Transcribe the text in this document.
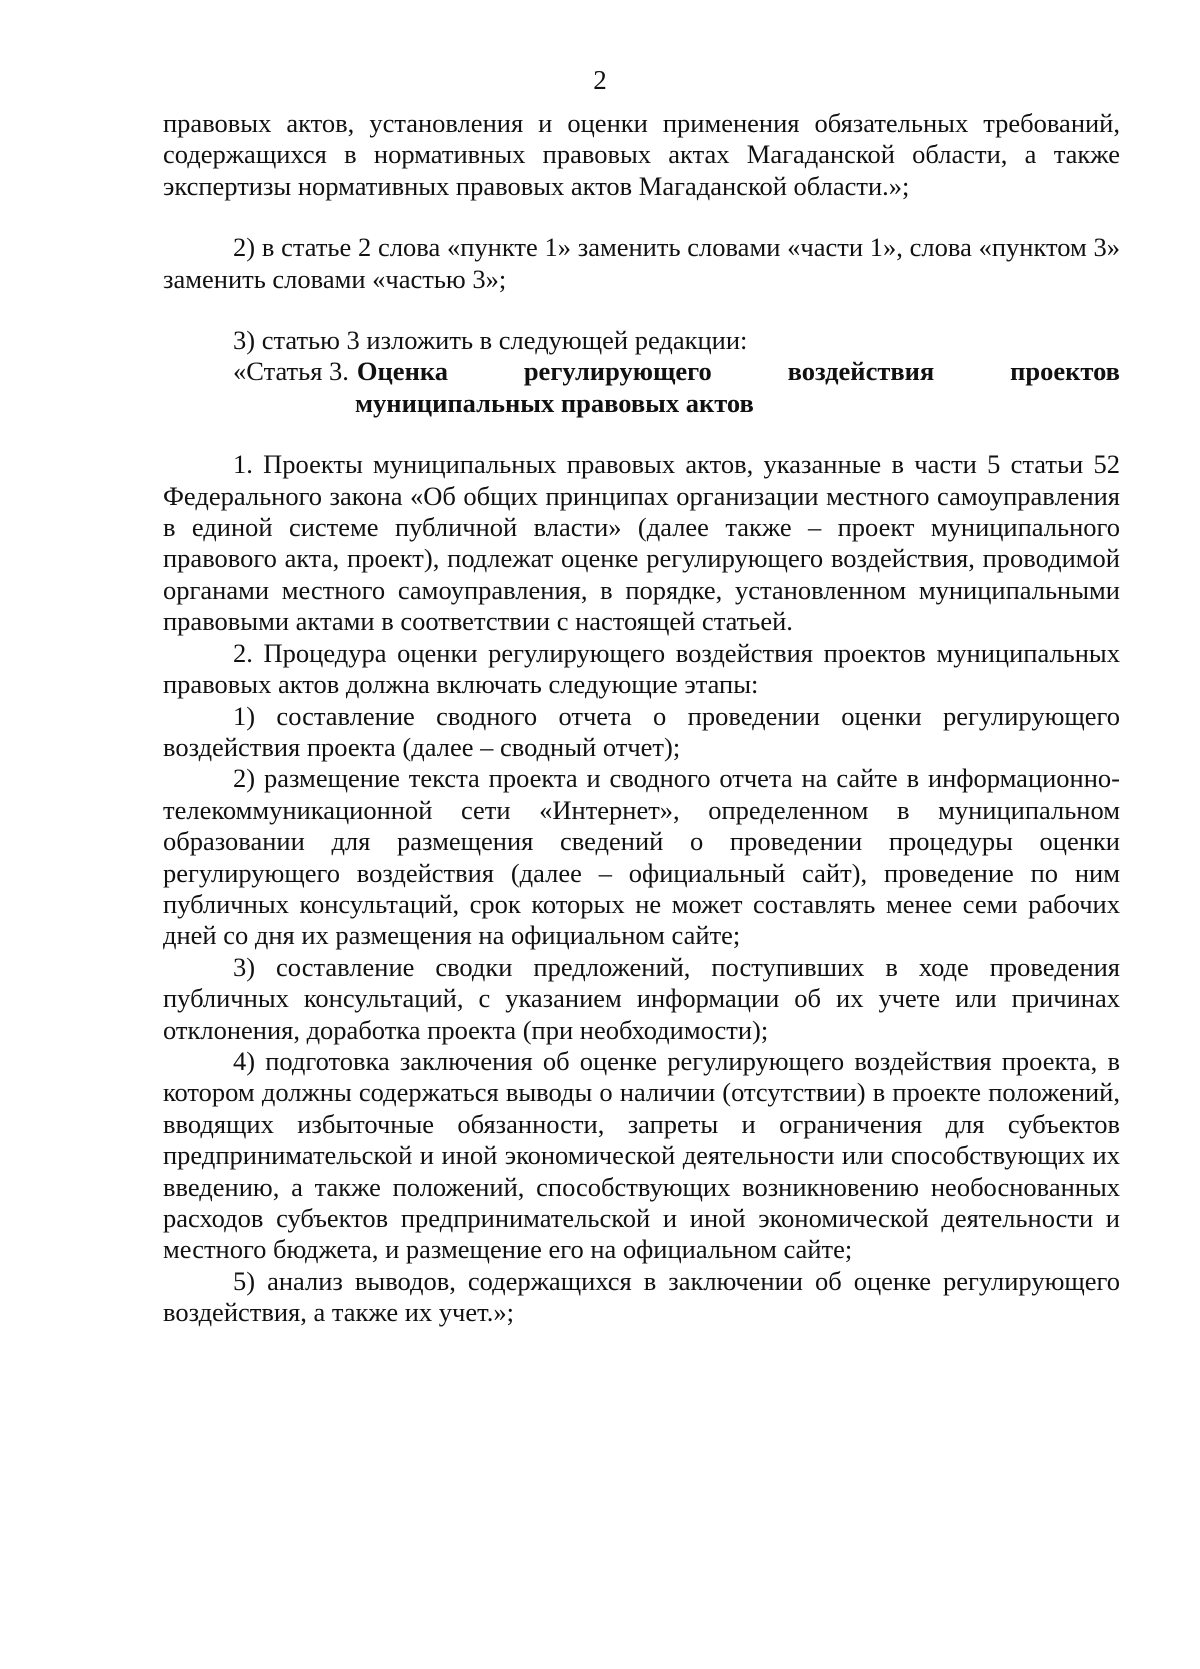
2

правовых актов, установления и оценки применения обязательных требований, содержащихся в нормативных правовых актах Магаданской области, а также экспертизы нормативных правовых актов Магаданской области.»;

2) в статье 2 слова «пункте 1» заменить словами «части 1», слова «пунктом 3» заменить словами «частью 3»;

3) статью 3 изложить в следующей редакции:

«Статья 3. Оценка регулирующего воздействия проектов
муниципальных правовых актов

1. Проекты муниципальных правовых актов, указанные в части 5 статьи 52 Федерального закона «Об общих принципах организации местного самоуправления в единой системе публичной власти» (далее также – проект муниципального правового акта, проект), подлежат оценке регулирующего воздействия, проводимой органами местного самоуправления, в порядке, установленном муниципальными правовыми актами в соответствии с настоящей статьей.

2. Процедура оценки регулирующего воздействия проектов муниципальных правовых актов должна включать следующие этапы:

1) составление сводного отчета о проведении оценки регулирующего воздействия проекта (далее – сводный отчет);

2) размещение текста проекта и сводного отчета на сайте в информационно-телекоммуникационной сети «Интернет», определенном в муниципальном образовании для размещения сведений о проведении процедуры оценки регулирующего воздействия (далее – официальный сайт), проведение по ним публичных консультаций, срок которых не может составлять менее семи рабочих дней со дня их размещения на официальном сайте;

3) составление сводки предложений, поступивших в ходе проведения публичных консультаций, с указанием информации об их учете или причинах отклонения, доработка проекта (при необходимости);

4) подготовка заключения об оценке регулирующего воздействия проекта, в котором должны содержаться выводы о наличии (отсутствии) в проекте положений, вводящих избыточные обязанности, запреты и ограничения для субъектов предпринимательской и иной экономической деятельности или способствующих их введению, а также положений, способствующих возникновению необоснованных расходов субъектов предпринимательской и иной экономической деятельности и местного бюджета, и размещение его на официальном сайте;

5) анализ выводов, содержащихся в заключении об оценке регулирующего воздействия, а также их учет.»;
